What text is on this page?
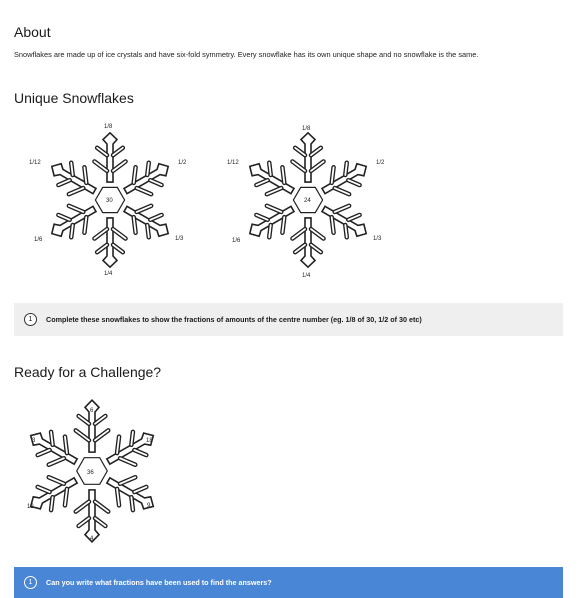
About
Snowflakes are made up of ice crystals and have six-fold symmetry. Every snowflake has its own unique shape and no snowflake is the same.
Unique Snowflakes
1/8
1/2
1/3
1/4
1/6
1/12
30
1/8
1/2
1/3
1/4
1/6
1/12
24
1	Complete these snowflakes to show the fractions of amounts of the centre number (eg. 1/8 of 30, 1/2 of 30 etc)
Ready for a Challenge?
6
18
9
4
12
3
36
1	Can you write what fractions have been used to find the answers?
